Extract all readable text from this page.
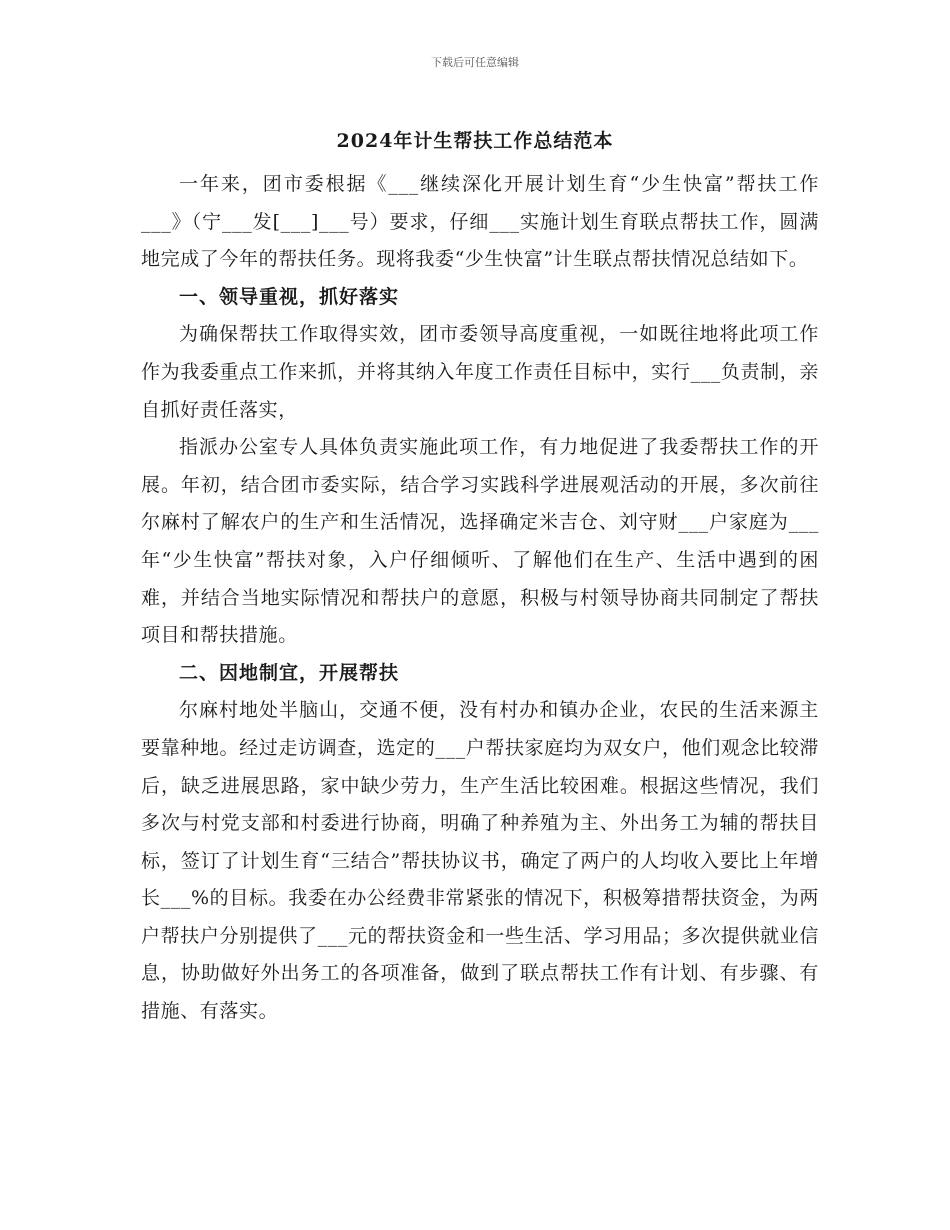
下载后可任意编辑
2024年计生帮扶工作总结范本

一年来，团市委根据《___继续深化开展计划生育“少生快富”帮扶工作___》（宁___发[___]___号）要求，仔细___实施计划生育联点帮扶工作，圆满地完成了今年的帮扶任务。现将我委“少生快富”计生联点帮扶情况总结如下。

一、领导重视，抓好落实

为确保帮扶工作取得实效，团市委领导高度重视，一如既往地将此项工作作为我委重点工作来抓，并将其纳入年度工作责任目标中，实行___负责制，亲自抓好责任落实，

指派办公室专人具体负责实施此项工作，有力地促进了我委帮扶工作的开展。年初，结合团市委实际，结合学习实践科学进展观活动的开展，多次前往尔麻村了解农户的生产和生活情况，选择确定米吉仓、刘守财___户家庭为___年“少生快富”帮扶对象，入户仔细倾听、了解他们在生产、生活中遇到的困难，并结合当地实际情况和帮扶户的意愿，积极与村领导协商共同制定了帮扶项目和帮扶措施。

二、因地制宜，开展帮扶

尔麻村地处半脑山，交通不便，没有村办和镇办企业，农民的生活来源主要靠种地。经过走访调查，选定的___户帮扶家庭均为双女户，他们观念比较滞后，缺乏进展思路，家中缺少劳力，生产生活比较困难。根据这些情况，我们多次与村党支部和村委进行协商，明确了种养殖为主、外出务工为辅的帮扶目标，签订了计划生育“三结合”帮扶协议书，确定了两户的人均收入要比上年增长___%的目标。我委在办公经费非常紧张的情况下，积极筹措帮扶资金，为两户帮扶户分别提供了___元的帮扶资金和一些生活、学习用品；多次提供就业信息，协助做好外出务工的各项准备，做到了联点帮扶工作有计划、有步骤、有措施、有落实。
